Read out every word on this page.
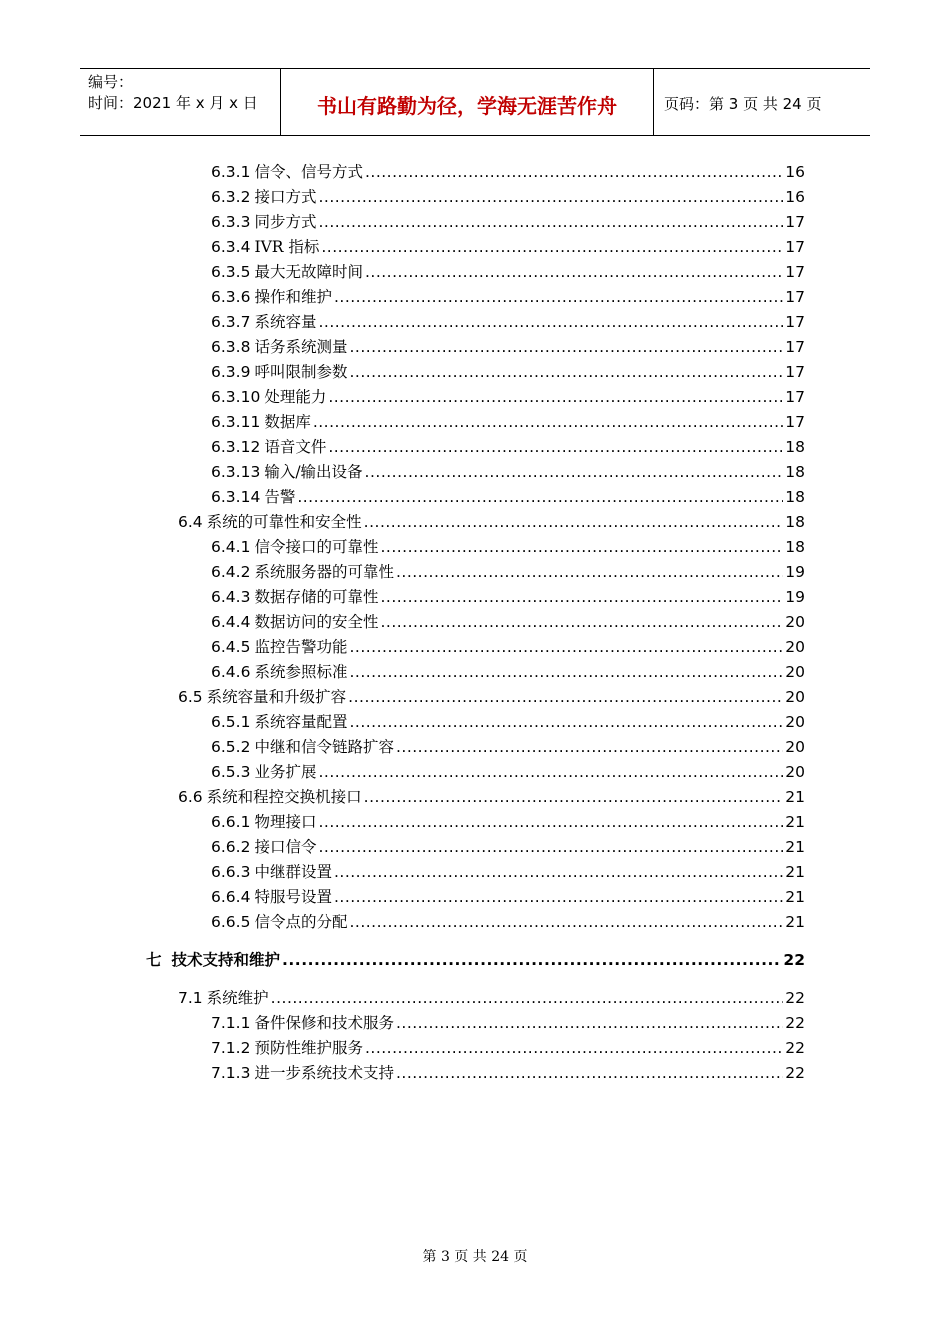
编号：
时间：2021 年 x 月 x 日	书山有路勤为径，学海无涯苦作舟	页码：第 3 页 共 24 页
6.3.1 信令、信号方式 .....	16
6.3.2 接口方式 .....	16
6.3.3 同步方式 .....	17
6.3.4 IVR 指标 .....	17
6.3.5 最大无故障时间 .....	17
6.3.6 操作和维护 .....	17
6.3.7 系统容量 .....	17
6.3.8 话务系统测量 .....	17
6.3.9 呼叫限制参数 .....	17
6.3.10 处理能力 .....	17
6.3.11 数据库 .....	17
6.3.12 语音文件 .....	18
6.3.13 输入/输出设备 .....	18
6.3.14 告警 .....	18
6.4 系统的可靠性和安全性 .....	18
6.4.1 信令接口的可靠性 .....	18
6.4.2 系统服务器的可靠性 .....	19
6.4.3 数据存储的可靠性 .....	19
6.4.4 数据访问的安全性 .....	20
6.4.5 监控告警功能 .....	20
6.4.6 系统参照标准 .....	20
6.5 系统容量和升级扩容 .....	20
6.5.1 系统容量配置 .....	20
6.5.2 中继和信令链路扩容 .....	20
6.5.3 业务扩展 .....	20
6.6 系统和程控交换机接口 .....	21
6.6.1 物理接口 .....	21
6.6.2 接口信令 .....	21
6.6.3 中继群设置 .....	21
6.6.4 特服号设置 .....	21
6.6.5 信令点的分配 .....	21
七 技术支持和维护 .....	22
7.1 系统维护 .....	22
7.1.1 备件保修和技术服务 .....	22
7.1.2 预防性维护服务 .....	22
7.1.3 进一步系统技术支持 .....	22
第 3 页 共 24 页
